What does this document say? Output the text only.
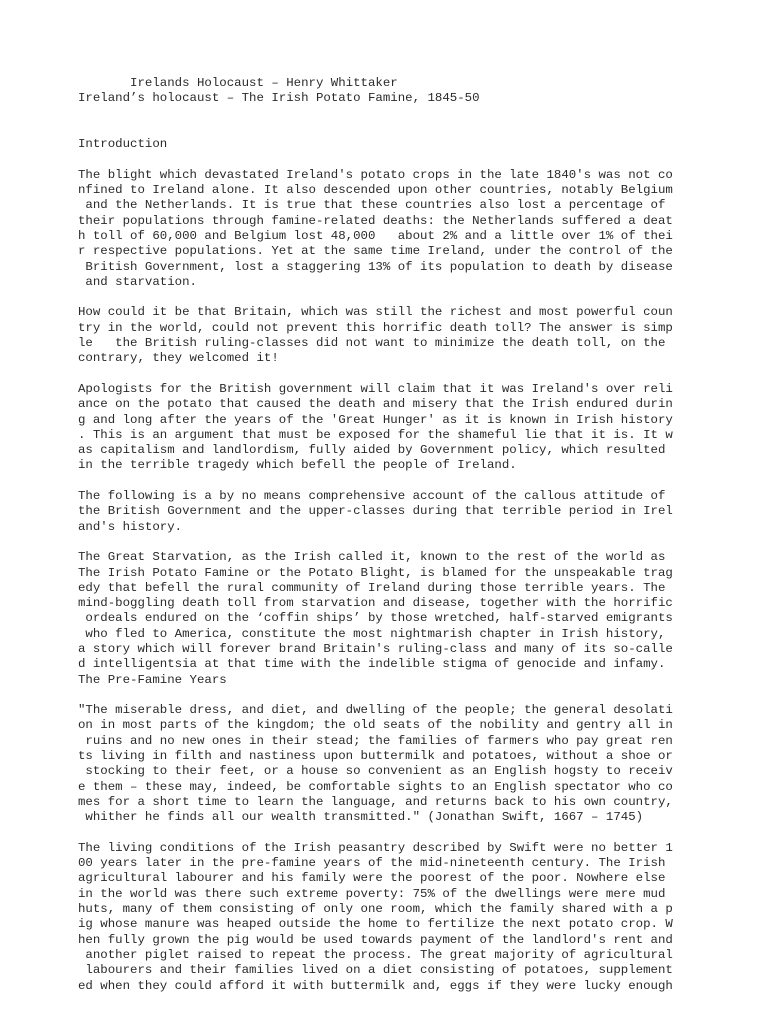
Irelands Holocaust – Henry Whittaker
Ireland’s holocaust – The Irish Potato Famine, 1845-50
Introduction
The blight which devastated Ireland's potato crops in the late 1840's was not co
nfined to Ireland alone. It also descended upon other countries, notably Belgium
and the Netherlands. It is true that these countries also lost a percentage of
their populations through famine-related deaths: the Netherlands suffered a deat
h toll of 60,000 and Belgium lost 48,000   about 2% and a little over 1% of thei
r respective populations. Yet at the same time Ireland, under the control of the
British Government, lost a staggering 13% of its population to death by disease
and starvation.
How could it be that Britain, which was still the richest and most powerful coun
try in the world, could not prevent this horrific death toll? The answer is simp
le   the British ruling-classes did not want to minimize the death toll, on the
contrary, they welcomed it!
Apologists for the British government will claim that it was Ireland's over reli
ance on the potato that caused the death and misery that the Irish endured durin
g and long after the years of the 'Great Hunger' as it is known in Irish history
. This is an argument that must be exposed for the shameful lie that it is. It w
as capitalism and landlordism, fully aided by Government policy, which resulted
in the terrible tragedy which befell the people of Ireland.
The following is a by no means comprehensive account of the callous attitude of
the British Government and the upper-classes during that terrible period in Irel
and's history.
The Great Starvation, as the Irish called it, known to the rest of the world as
The Irish Potato Famine or the Potato Blight, is blamed for the unspeakable trag
edy that befell the rural community of Ireland during those terrible years. The
mind-boggling death toll from starvation and disease, together with the horrific
ordeals endured on the ‘coffin ships’ by those wretched, half-starved emigrants
who fled to America, constitute the most nightmarish chapter in Irish history,
a story which will forever brand Britain's ruling-class and many of its so-calle
d intelligentsia at that time with the indelible stigma of genocide and infamy.
The Pre-Famine Years
"The miserable dress, and diet, and dwelling of the people; the general desolati
on in most parts of the kingdom; the old seats of the nobility and gentry all in
ruins and no new ones in their stead; the families of farmers who pay great ren
ts living in filth and nastiness upon buttermilk and potatoes, without a shoe or
stocking to their feet, or a house so convenient as an English hogsty to receiv
e them – these may, indeed, be comfortable sights to an English spectator who co
mes for a short time to learn the language, and returns back to his own country,
whither he finds all our wealth transmitted." (Jonathan Swift, 1667 – 1745)
The living conditions of the Irish peasantry described by Swift were no better 1
00 years later in the pre-famine years of the mid-nineteenth century. The Irish
agricultural labourer and his family were the poorest of the poor. Nowhere else
in the world was there such extreme poverty: 75% of the dwellings were mere mud
huts, many of them consisting of only one room, which the family shared with a p
ig whose manure was heaped outside the home to fertilize the next potato crop. W
hen fully grown the pig would be used towards payment of the landlord's rent and
another piglet raised to repeat the process. The great majority of agricultural
labourers and their families lived on a diet consisting of potatoes, supplement
ed when they could afford it with buttermilk and, eggs if they were lucky enough
